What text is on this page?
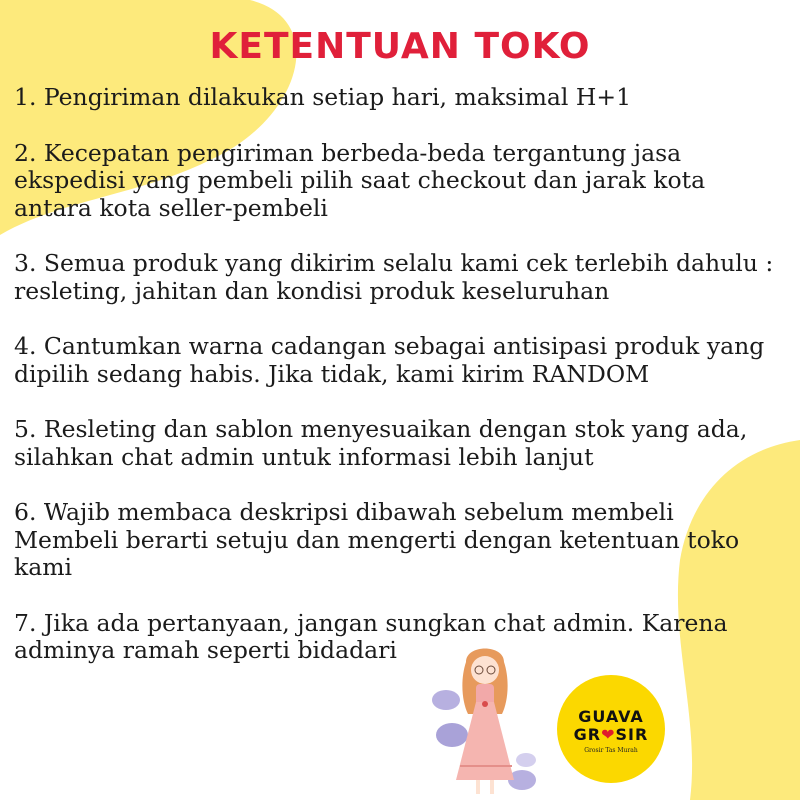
KETENTUAN TOKO
1. Pengiriman dilakukan setiap hari, maksimal H+1
2. Kecepatan pengiriman berbeda-beda tergantung jasa ekspedisi yang pembeli pilih saat checkout dan jarak kota antara kota seller-pembeli
3. Semua produk yang dikirim selalu kami cek terlebih dahulu : resleting, jahitan dan kondisi produk keseluruhan
4. Cantumkan warna cadangan sebagai antisipasi produk yang dipilih sedang habis. Jika tidak, kami kirim RANDOM
5. Resleting dan sablon menyesuaikan dengan stok yang ada, silahkan chat admin untuk informasi lebih lanjut
6. Wajib membaca deskripsi dibawah sebelum membeli Membeli berarti setuju dan mengerti dengan ketentuan toko kami
7. Jika ada pertanyaan, jangan sungkan chat admin. Karena adminya ramah seperti bidadari
GUAVA
GR❤SIR
Grosir Tas Murah
